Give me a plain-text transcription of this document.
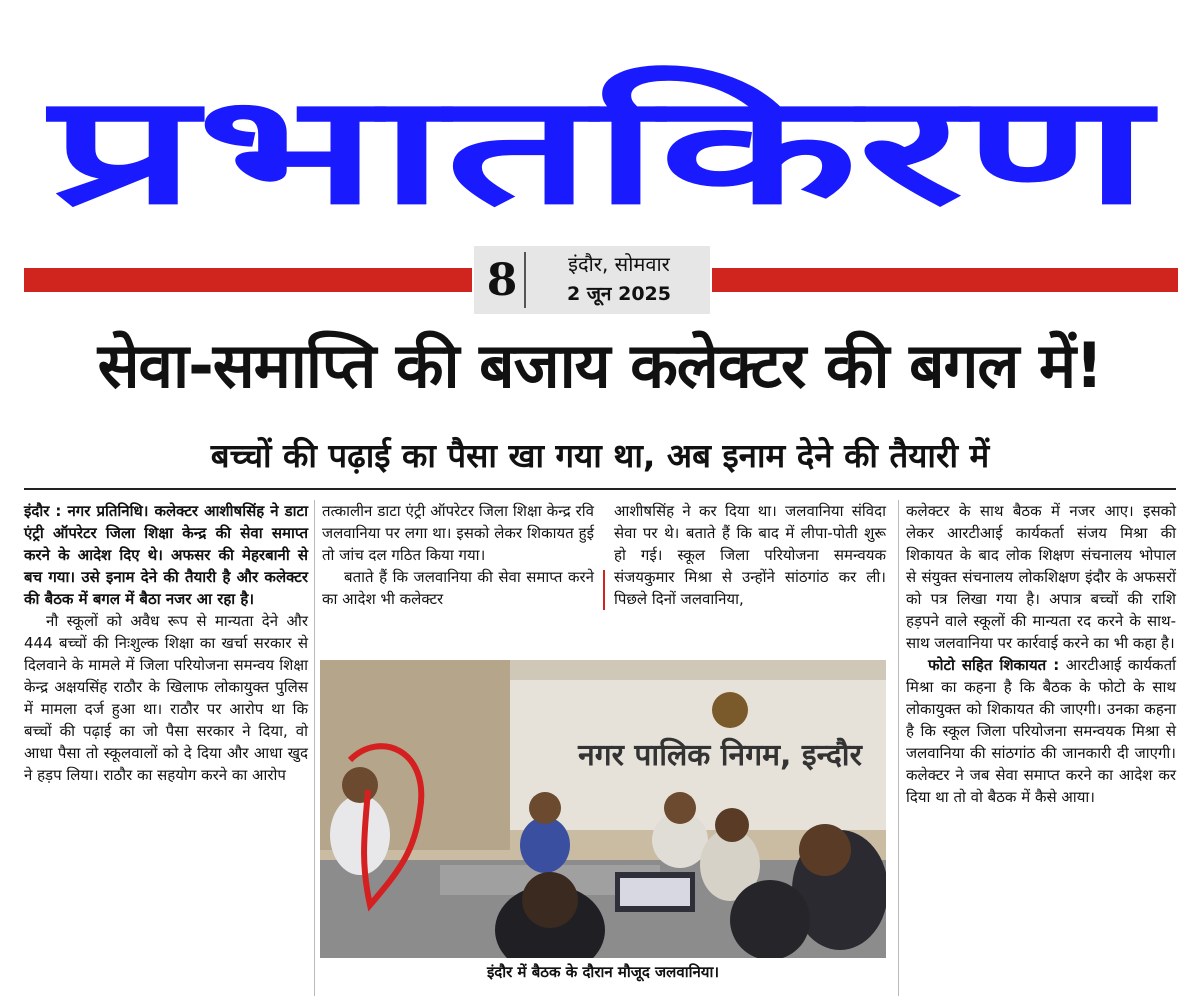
प्रभातकिरण
8	इंदौर, सोमवार
2 जून 2025
सेवा-समाप्ति की बजाय कलेक्टर की बगल में!
बच्चों की पढ़ाई का पैसा खा गया था, अब इनाम देने की तैयारी में

इंदौर : नगर प्रतिनिधि। कलेक्टर आशीषसिंह ने डाटा एंट्री ऑपरेटर जिला शिक्षा केन्द्र की सेवा समाप्त करने के आदेश दिए थे। अफसर की मेहरबानी से बच गया। उसे इनाम देने की तैयारी है और कलेक्टर की बैठक में बगल में बैठा नजर आ रहा है।

नौ स्कूलों को अवैध रूप से मान्यता देने और 444 बच्चों की निःशुल्क शिक्षा का खर्चा सरकार से दिलवाने के मामले में जिला परियोजना समन्वय शिक्षा केन्द्र अक्षयसिंह राठौर के खिलाफ लोकायुक्त पुलिस में मामला दर्ज हुआ था। राठौर पर आरोप था कि बच्चों की पढ़ाई का जो पैसा सरकार ने दिया, वो आधा पैसा तो स्कूलवालों को दे दिया और आधा खुद ने हड़प लिया। राठौर का सहयोग करने का आरोप

तत्कालीन डाटा एंट्री ऑपरेटर जिला शिक्षा केन्द्र रवि जलवानिया पर लगा था। इसको लेकर शिकायत हुई तो जांच दल गठित किया गया।

बताते हैं कि जलवानिया की सेवा समाप्त करने का आदेश भी कलेक्टर

आशीषसिंह ने कर दिया था। जलवानिया संविदा सेवा पर थे। बताते हैं कि बाद में लीपा-पोती शुरू हो गई। स्कूल जिला परियोजना समन्वयक संजयकुमार मिश्रा से उन्होंने सांठगांठ कर ली। पिछले दिनों जलवानिया,

कलेक्टर के साथ बैठक में नजर आए। इसको लेकर आरटीआई कार्यकर्ता संजय मिश्रा की शिकायत के बाद लोक शिक्षण संचनालय भोपाल से संयुक्त संचनालय लोकशिक्षण इंदौर के अफसरों को पत्र लिखा गया है। अपात्र बच्चों की राशि हड़पने वाले स्कूलों की मान्यता रद करने के साथ-साथ जलवानिया पर कार्रवाई करने का भी कहा है।

फोटो सहित शिकायत : आरटीआई कार्यकर्ता मिश्रा का कहना है कि बैठक के फोटो के साथ लोकायुक्त को शिकायत की जाएगी। उनका कहना है कि स्कूल जिला परियोजना समन्वयक मिश्रा से जलवानिया की सांठगांठ की जानकारी दी जाएगी। कलेक्टर ने जब सेवा समाप्त करने का आदेश कर दिया था तो वो बैठक में कैसे आया।

नगर पालिक निगम, इन्दौर
इंदौर में बैठक के दौरान मौजूद जलवानिया।
